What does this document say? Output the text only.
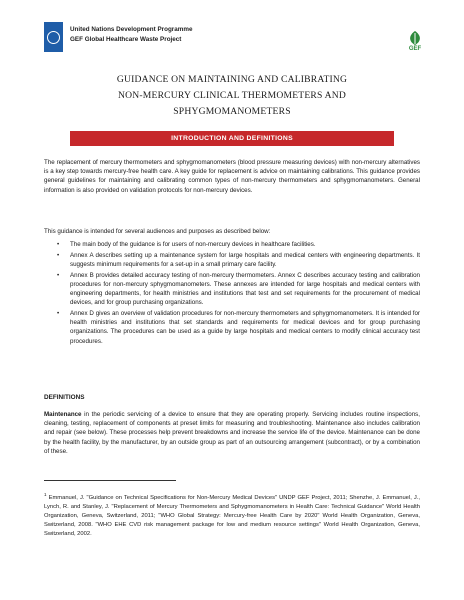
United Nations Development Programme
GEF Global Healthcare Waste Project
GEF
GUIDANCE ON MAINTAINING AND CALIBRATING
NON-MERCURY CLINICAL THERMOMETERS AND
SPHYGMOMANOMETERS
INTRODUCTION AND DEFINITIONS

The replacement of mercury thermometers and sphygmomanometers (blood pressure measuring devices) with non-mercury alternatives is a key step towards mercury-free health care. A key guide for replacement is advice on maintaining calibrations. This guidance provides general guidelines for maintaining and calibrating common types of non-mercury thermometers and sphygmomanometers. General information is also provided on validation protocols for non-mercury devices.

This guidance is intended for several audiences and purposes as described below:

• The main body of the guidance is for users of non-mercury devices in healthcare facilities.
• Annex A describes setting up a maintenance system for large hospitals and medical centers with engineering departments. It suggests minimum requirements for a set-up in a small primary care facility.
• Annex B provides detailed accuracy testing of non-mercury thermometers. Annex C describes accuracy testing and calibration procedures for non-mercury sphygmomanometers. These annexes are intended for large hospitals and medical centers with engineering departments, for health ministries and institutions that test and set requirements for the procurement of medical devices, and for group purchasing organizations.
• Annex D gives an overview of validation procedures for non-mercury thermometers and sphygmomanometers. It is intended for health ministries and institutions that set standards and requirements for medical devices and for group purchasing organizations. The procedures can be used as a guide by large hospitals and medical centers to modify clinical accuracy test procedures.
DEFINITIONS

Maintenance in the periodic servicing of a device to ensure that they are operating properly. Servicing includes routine inspections, cleaning, testing, replacement of components at preset limits for measuring and troubleshooting. Maintenance also includes calibration and repair (see below). These processes help prevent breakdowns and increase the service life of the device. Maintenance can be done by the health facility, by the manufacturer, by an outside group as part of an outsourcing arrangement (subcontract), or by a combination of these.

$^1$ Emmanuel, J. "Guidance on Technical Specifications for Non-Mercury Medical Devices" UNDP GEF Project, 2011; Shenzhe, J. Emmanuel, J., Lynch, R. and Stanley, J. "Replacement of Mercury Thermometers and Sphygmomanometers in Health Care: Technical Guidance" World Health Organization, Geneva, Switzerland, 2011; "WHO Global Strategy: Mercury-free Health Care by 2020" World Health Organization, Geneva, Switzerland, 2008. "WHO EHE CVD risk management package for low and medium resource settings" World Health Organization, Geneva, Switzerland, 2002.
